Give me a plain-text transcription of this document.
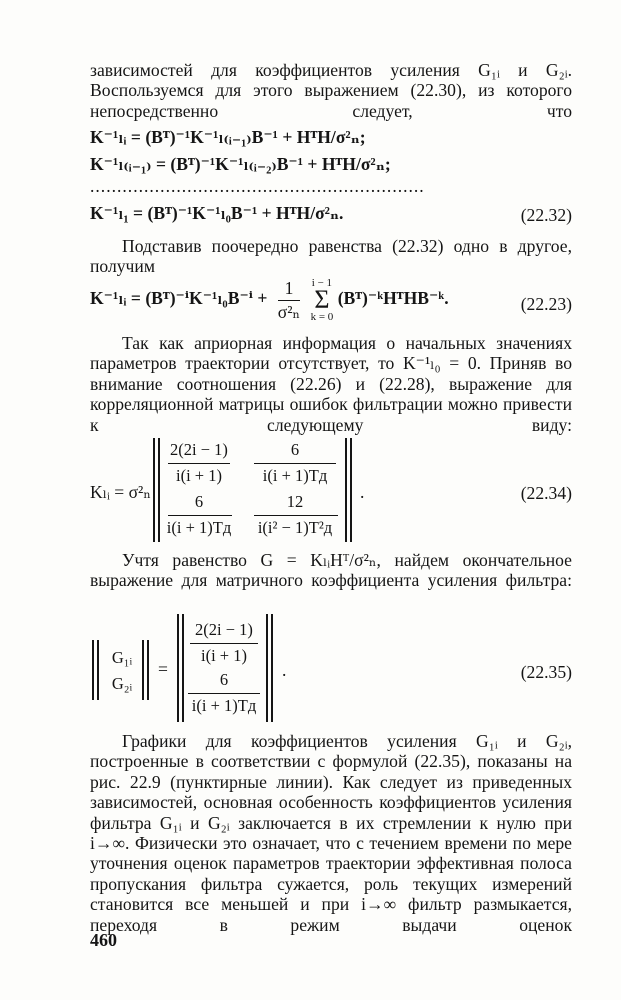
зависимостей для коэффициентов усиления G₁ᵢ и G₂ᵢ. Воспользуемся для этого выражением (22.30), из которого непосредственно следует, что
K⁻¹ₗᵢ = (Bᵀ)⁻¹K⁻¹ₗ₍ᵢ₋₁₎B⁻¹ + HᵀH/σ²ₙ;
K⁻¹ₗ₍ᵢ₋₁₎ = (Bᵀ)⁻¹K⁻¹ₗ₍ᵢ₋₂₎B⁻¹ + HᵀH/σ²ₙ;
..............................................................
K⁻¹ₗ₁ = (Bᵀ)⁻¹K⁻¹ₗ₀B⁻¹ + HᵀH/σ²ₙ.	(22.32)
Подставив поочередно равенства (22.32) одно в другое, получим
K⁻¹ₗᵢ = (Bᵀ)⁻ⁱK⁻¹ₗ₀B⁻ⁱ + $\frac{1}{\text{σ²ₙ}}$ i − 1
Σ
k = 0 (Bᵀ)⁻ᵏHᵀHB⁻ᵏ.	(22.23)
Так как априорная информация о начальных значениях параметров траектории отсутствует, то K⁻¹ₗ₀ = 0. Приняв во внимание соотношения (22.26) и (22.28), выражение для корреляционной матрицы ошибок фильтрации можно привести к следующему виду:
Kₗᵢ = σ²ₙ
2(2i − 1)
i(i + 1)
6
i(i + 1)Tд
6
i(i + 1)Tд
12
i(i² − 1)T²д
.	(22.34)
Учтя равенство G = KₗᵢHᵀ/σ²ₙ, найдем окончательное выражение для матричного коэффициента усиления фильтра:
G₁ᵢ
G₂ᵢ
=
2(2i − 1)
i(i + 1)
6
i(i + 1)Tд
.	(22.35)
Графики для коэффициентов усиления G₁ᵢ и G₂ᵢ, построенные в соответствии с формулой (22.35), показаны на рис. 22.9 (пунктирные линии). Как следует из приведенных зависимостей, основная особенность коэффициентов усиления фильтра G₁ᵢ и G₂ᵢ заключается в их стремлении к нулю при i→∞. Физически это означает, что с течением времени по мере уточнения оценок параметров траектории эффективная полоса пропускания фильтра сужается, роль текущих измерений становится все меньшей и при i→∞ фильтр размыкается, переходя в режим выдачи оценок
460
